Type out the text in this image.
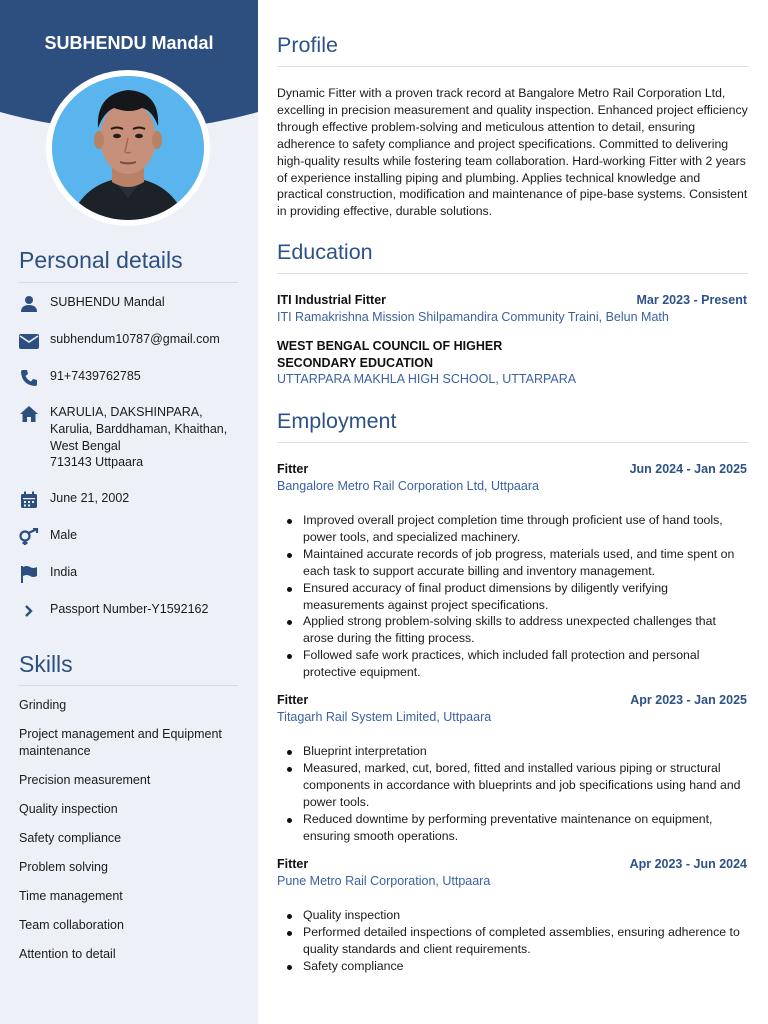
SUBHENDU Mandal
Personal details
SUBHENDU Mandal
subhendum10787@gmail.com
91+7439762785
KARULIA, DAKSHINPARA,
Karulia, Barddhaman, Khaithan,
West Bengal
713143 Uttpaara
June 21, 2002
Male
India
Passport Number-Y1592162
Skills
Grinding
Project management and Equipment maintenance
Precision measurement
Quality inspection
Safety compliance
Problem solving
Time management
Team collaboration
Attention to detail
Profile
Dynamic Fitter with a proven track record at Bangalore Metro Rail Corporation Ltd, excelling in precision measurement and quality inspection. Enhanced project efficiency through effective problem-solving and meticulous attention to detail, ensuring adherence to safety compliance and project specifications. Committed to delivering high-quality results while fostering team collaboration. Hard-working Fitter with 2 years of experience installing piping and plumbing. Applies technical knowledge and practical construction, modification and maintenance of pipe-base systems. Consistent in providing effective, durable solutions.
Education
ITI Industrial Fitter	Mar 2023 - Present
ITI Ramakrishna Mission Shilpamandira Community Traini, Belun Math
WEST BENGAL COUNCIL OF HIGHER
SECONDARY EDUCATION
UTTARPARA MAKHLA HIGH SCHOOL, UTTARPARA
Employment
Fitter	Jun 2024 - Jan 2025
Bangalore Metro Rail Corporation Ltd, Uttpaara
Improved overall project completion time through proficient use of hand tools, power tools, and specialized machinery.
Maintained accurate records of job progress, materials used, and time spent on each task to support accurate billing and inventory management.
Ensured accuracy of final product dimensions by diligently verifying measurements against project specifications.
Applied strong problem-solving skills to address unexpected challenges that arose during the fitting process.
Followed safe work practices, which included fall protection and personal protective equipment.
Fitter	Apr 2023 - Jan 2025
Titagarh Rail System Limited, Uttpaara
Blueprint interpretation
Measured, marked, cut, bored, fitted and installed various piping or structural components in accordance with blueprints and job specifications using hand and power tools.
Reduced downtime by performing preventative maintenance on equipment, ensuring smooth operations.
Fitter	Apr 2023 - Jun 2024
Pune Metro Rail Corporation, Uttpaara
Quality inspection
Performed detailed inspections of completed assemblies, ensuring adherence to quality standards and client requirements.
Safety compliance
